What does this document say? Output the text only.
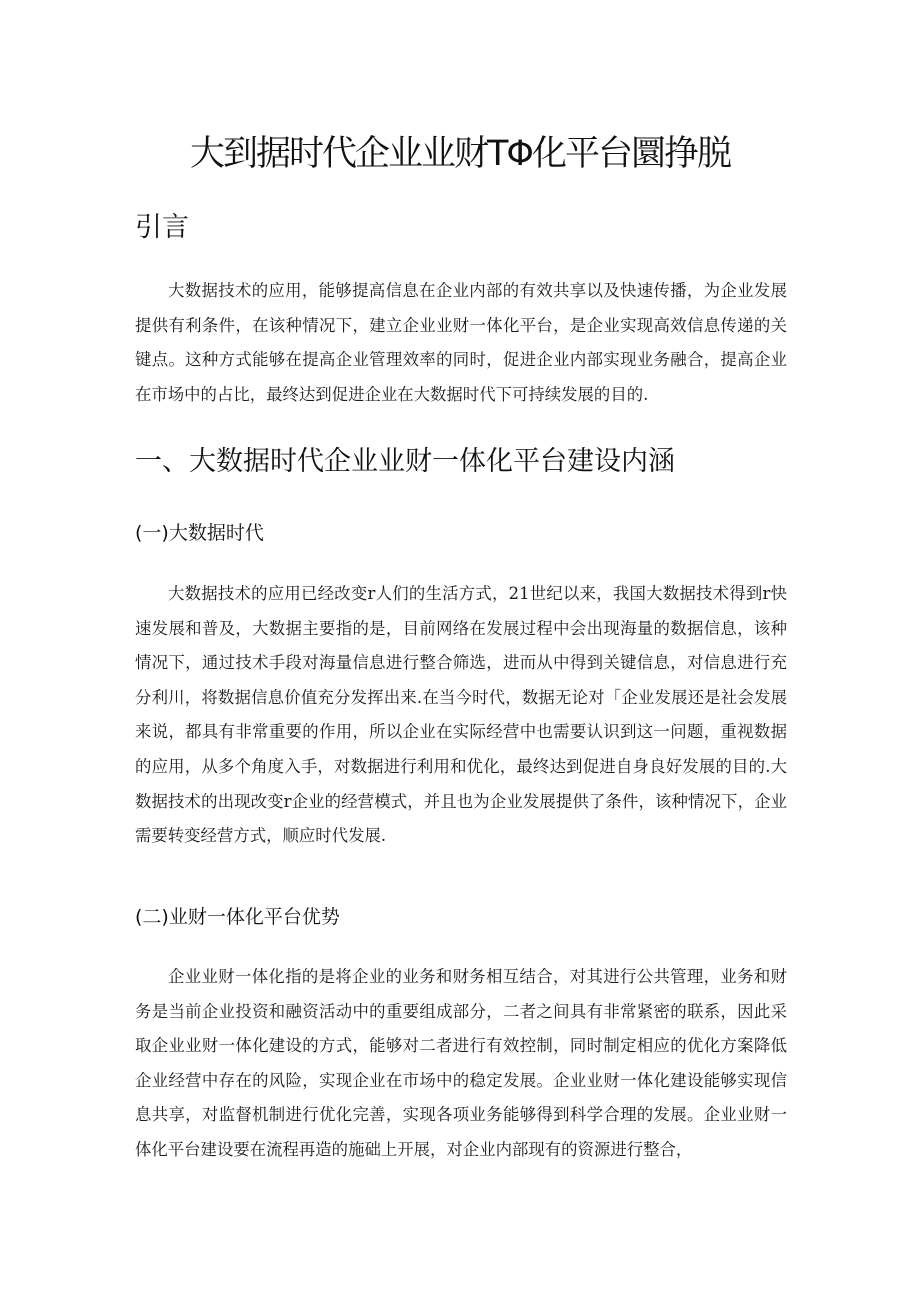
大到据时代企业业财TΦ化平台圜挣脱
引言

大数据技术的应用，能够提高信息在企业内部的有效共享以及快速传播，为企业发展提供有利条件，在该种情况下，建立企业业财一体化平台，是企业实现高效信息传递的关键点。这种方式能够在提高企业管理效率的同时，促进企业内部实现业务融合，提高企业在市场中的占比，最终达到促进企业在大数据时代下可持续发展的目的.

一、大数据时代企业业财一体化平台建设内涵
(一)大数据时代

大数据技术的应用已经改变r人们的生活方式，21世纪以来，我国大数据技术得到r快速发展和普及，大数据主要指的是，目前网络在发展过程中会出现海量的数据信息，该种情况下，通过技术手段对海量信息进行整合筛选，进而从中得到关键信息，对信息进行充分利川，将数据信息价值充分发挥出来.在当今时代，数据无论对「企业发展还是社会发展来说，都具有非常重要的作用，所以企业在实际经营中也需要认识到这一问题，重视数据的应用，从多个角度入手，对数据进行利用和优化，最终达到促进自身良好发展的目的.大数据技术的出现改变r企业的经营模式，并且也为企业发展提供了条件，该种情况下，企业需要转变经营方式，顺应时代发展.

(二)业财一体化平台优势

企业业财一体化指的是将企业的业务和财务相互结合，对其进行公共管理，业务和财务是当前企业投资和融资活动中的重要组成部分，二者之间具有非常紧密的联系，因此采取企业业财一体化建设的方式，能够对二者进行有效控制，同时制定相应的优化方案降低企业经营中存在的风险，实现企业在市场中的稳定发展。企业业财一体化建设能够实现信息共享，对监督机制进行优化完善，实现各项业务能够得到科学合理的发展。企业业财一体化平台建设要在流程再造的施础上开展，对企业内部现有的资源进行整合，
